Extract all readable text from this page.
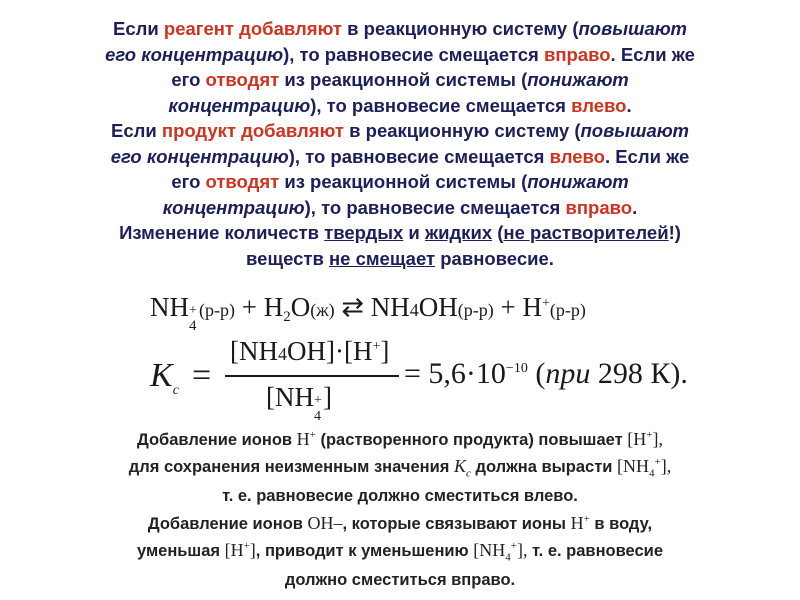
Если реагент добавляют в реакционную систему (повышают
его концентрацию), то равновесие смещается вправо. Если же
его отводят из реакционной системы (понижают
концентрацию), то равновесие смещается влево.
Если продукт добавляют в реакционную систему (повышают
его концентрацию), то равновесие смещается влево. Если же
его отводят из реакционной системы (понижают
концентрацию), то равновесие смещается вправо.
Изменение количеств твердых и жидких (не растворителей!)
веществ не смещает равновесие.
NH +
4
$(р-р) + H_2O(ж)$ ⇄ NH4OH(р-р) + H+(р-р)
$K_с$ =
[NH4OH]·[H+]
[NH +
4
]
= $5,6\cdot 10^{-10}$ (при 298 К).
Добавление ионов H+ (растворенного продукта) повышает [H+],
для сохранения неизменным значения $K_с$ должна вырасти $[NH_4^+]$,
т. е. равновесие должно сместиться влево.
Добавление ионов OH–, которые связывают ионы H+ в воду,
уменьшая [H+], приводит к уменьшению $[NH_4^+]$, т. е. равновесие
должно сместиться вправо.
